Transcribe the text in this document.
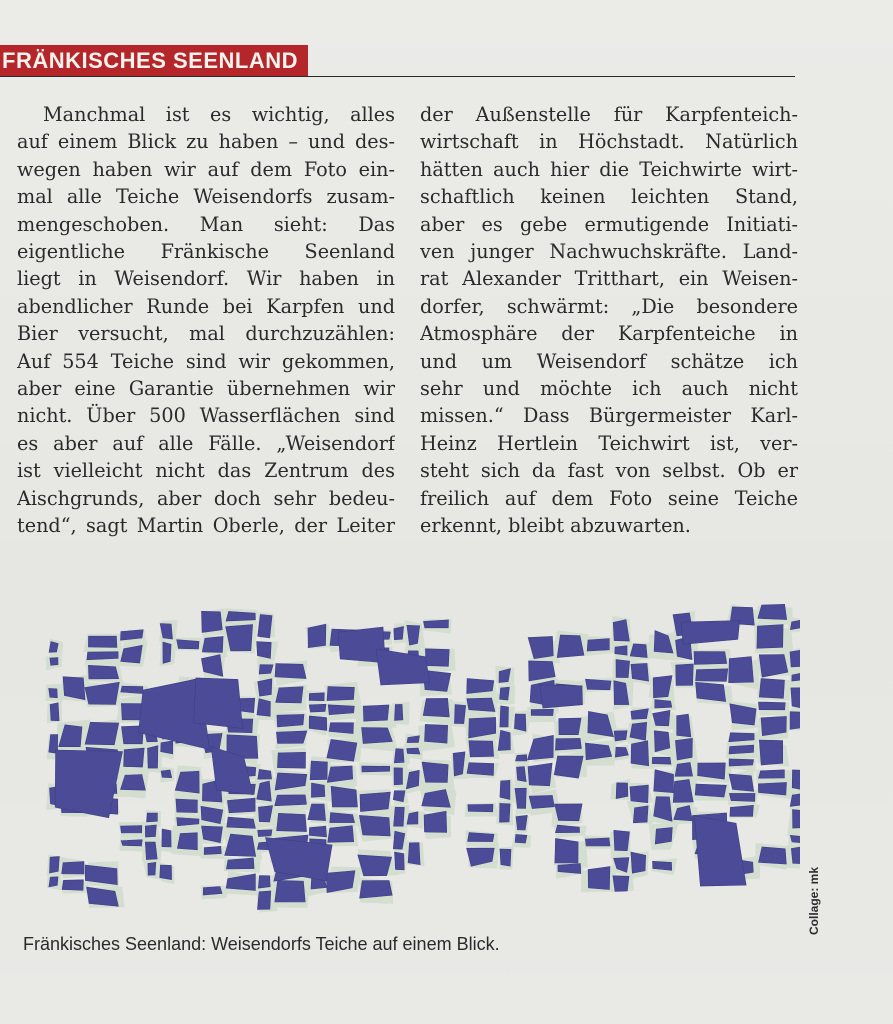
FRÄNKISCHES SEENLAND
Manchmal ist es wichtig, alles
auf einem Blick zu haben – und des-
wegen haben wir auf dem Foto ein-
mal alle Teiche Weisendorfs zusam-
mengeschoben. Man sieht: Das
eigentliche Fränkische Seenland
liegt in Weisendorf. Wir haben in
abendlicher Runde bei Karpfen und
Bier versucht, mal durchzuzählen:
Auf 554 Teiche sind wir gekommen,
aber eine Garantie übernehmen wir
nicht. Über 500 Wasserflächen sind
es aber auf alle Fälle. „Weisendorf
ist vielleicht nicht das Zentrum des
Aischgrunds, aber doch sehr bedeu-
tend“, sagt Martin Oberle, der Leiter
der Außenstelle für Karpfenteich-
wirtschaft in Höchstadt. Natürlich
hätten auch hier die Teichwirte wirt-
schaftlich keinen leichten Stand,
aber es gebe ermutigende Initiati-
ven junger Nachwuchskräfte. Land-
rat Alexander Tritthart, ein Weisen-
dorfer, schwärmt: „Die besondere
Atmosphäre der Karpfenteiche in
und um Weisendorf schätze ich
sehr und möchte ich auch nicht
missen.“ Dass Bürgermeister Karl-
Heinz Hertlein Teichwirt ist, ver-
steht sich da fast von selbst. Ob er
freilich auf dem Foto seine Teiche
erkennt, bleibt abzuwarten.
Collage: mk
Fränkisches Seenland: Weisendorfs Teiche auf einem Blick.
